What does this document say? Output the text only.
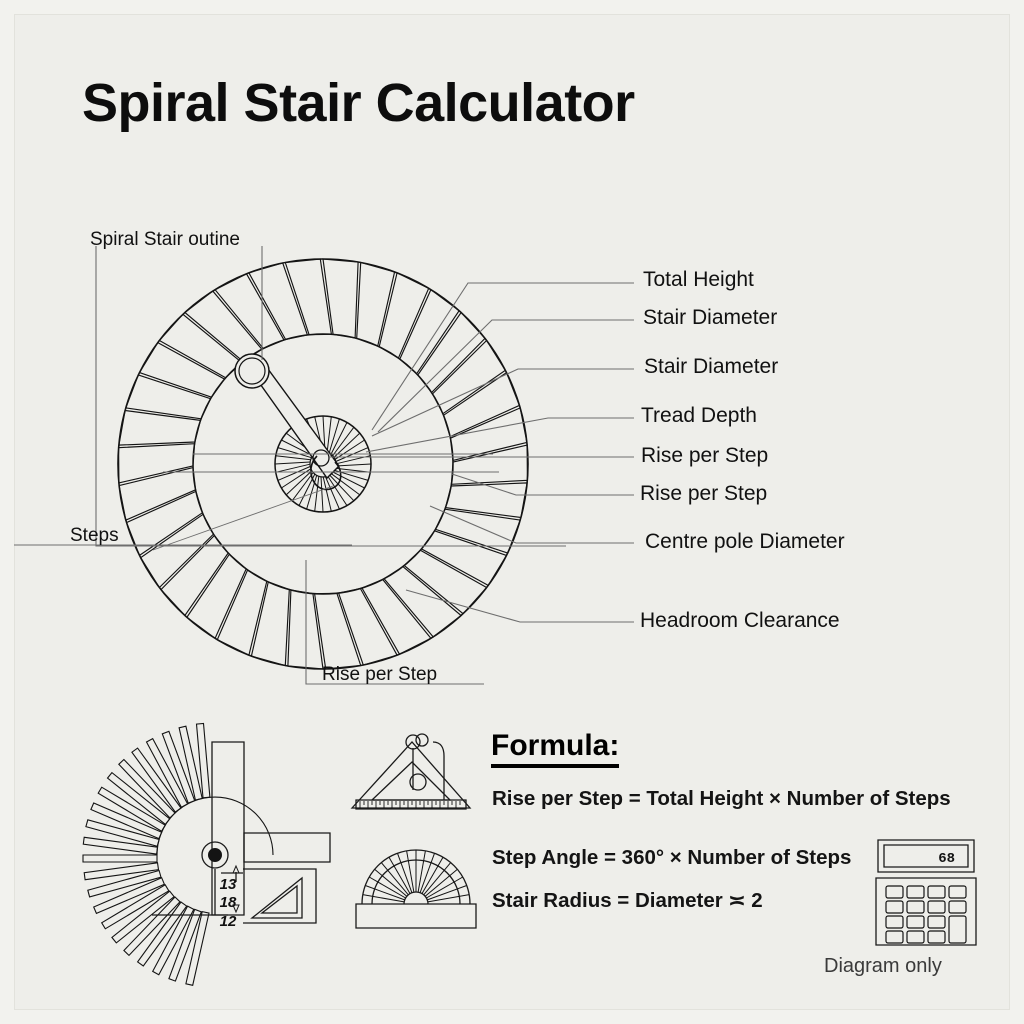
68
Spiral Stair Calculator
Spiral Stair outine
Steps
Rise per Step
Total Height
Stair Diameter
Stair Diameter
Tread Depth
Rise per Step
Rise per Step
Centre pole Diameter
Headroom Clearance
Formula:
Rise per Step = Total Height × Number of Steps
Step Angle = 360° × Number of Steps
Stair Radius = Diameter ≍ 2
13
18
12
Diagram only
